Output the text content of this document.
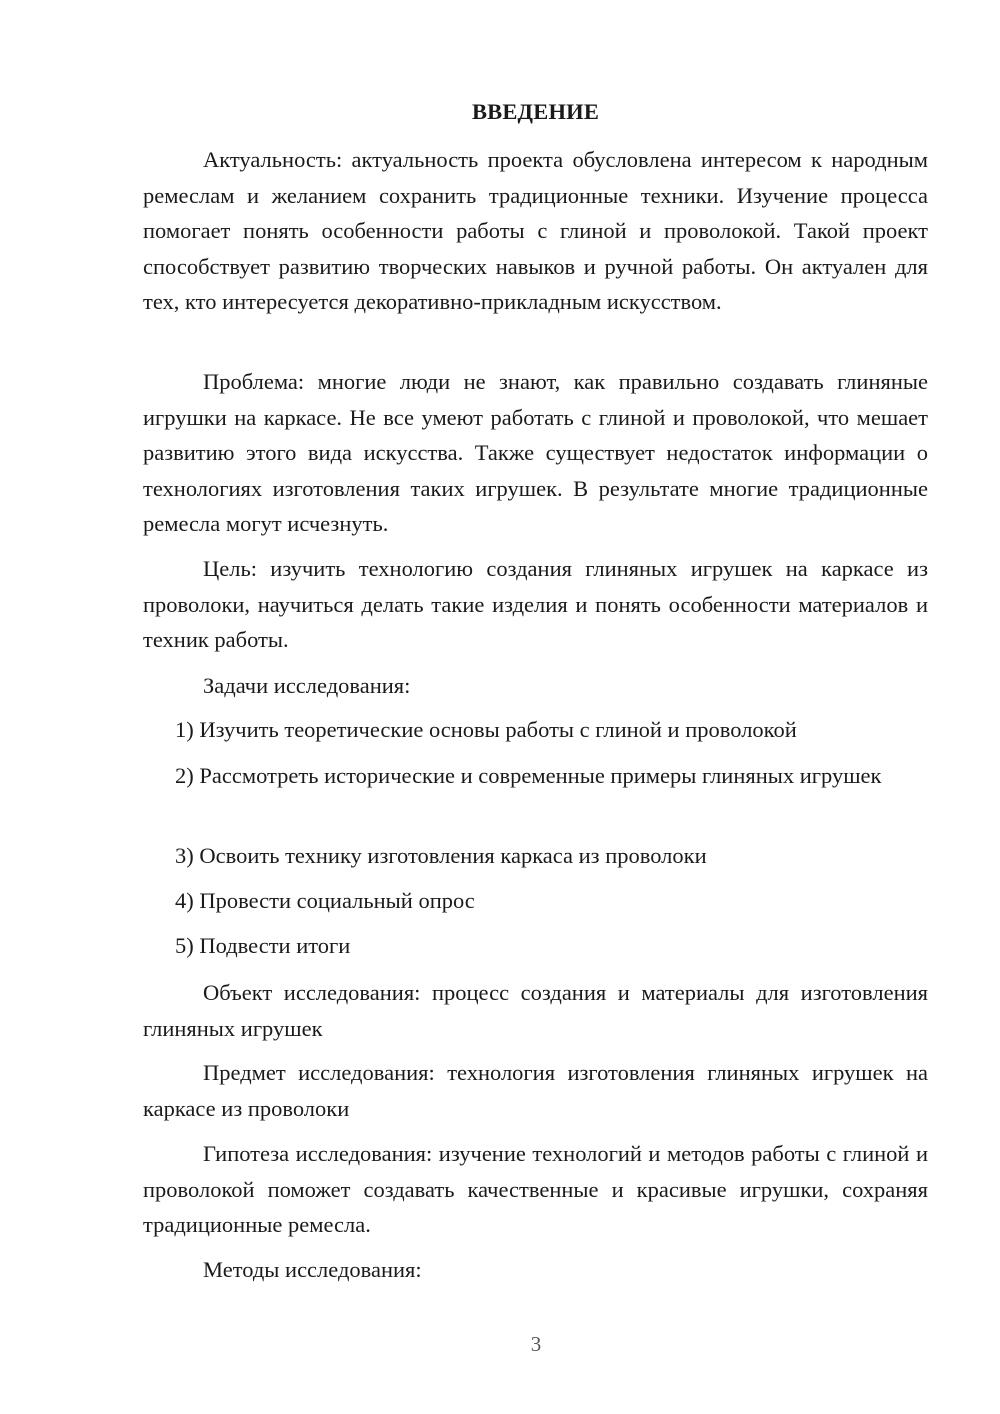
ВВЕДЕНИЕ

Актуальность: актуальность проекта обусловлена интересом к народным ремеслам и желанием сохранить традиционные техники. Изучение процесса помогает понять особенности работы с глиной и проволокой. Такой проект способствует развитию творческих навыков и ручной работы. Он актуален для тех, кто интересуется декоративно-прикладным искусством.

Проблема: многие люди не знают, как правильно создавать глиняные игрушки на каркасе. Не все умеют работать с глиной и проволокой, что мешает развитию этого вида искусства. Также существует недостаток информации о технологиях изготовления таких игрушек. В результате многие традиционные ремесла могут исчезнуть.

Цель: изучить технологию создания глиняных игрушек на каркасе из проволоки, научиться делать такие изделия и понять особенности материалов и техник работы.

Задачи исследования:

1) Изучить теоретические основы работы с глиной и проволокой

2) Рассмотреть исторические и современные примеры глиняных игрушек

3) Освоить технику изготовления каркаса из проволоки

4) Провести социальный опрос

5) Подвести итоги

Объект исследования: процесс создания и материалы для изготовления глиняных игрушек

Предмет исследования: технология изготовления глиняных игрушек на каркасе из проволоки

Гипотеза исследования: изучение технологий и методов работы с глиной и проволокой поможет создавать качественные и красивые игрушки, сохраняя традиционные ремесла.

Методы исследования:

3
